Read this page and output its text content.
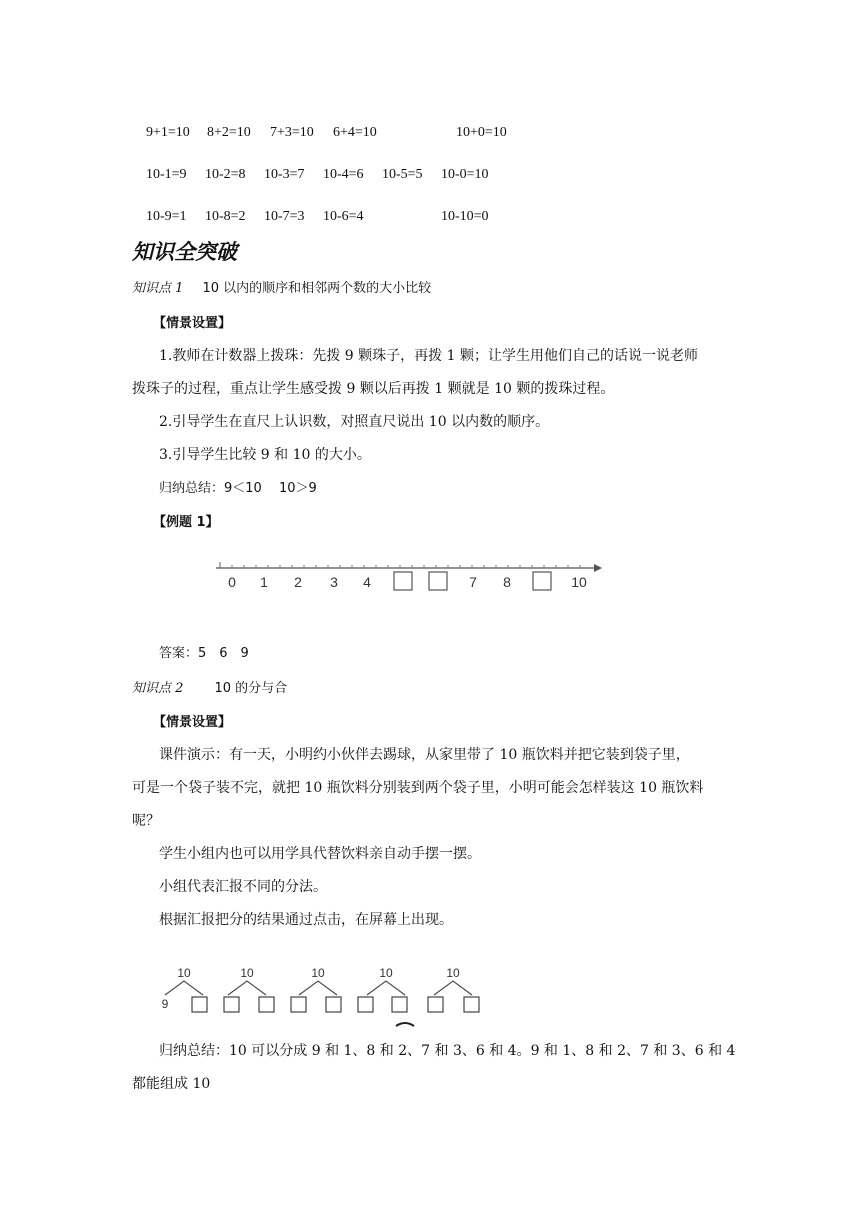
9+1=10 8+2=10 7+3=10 6+4=10	10+0=10
10-1=9 10-2=8 10-3=7 10-4=6 10-5=5 10-0=10
10-9=1 10-8=2 10-7=3 10-6=4	10-10=0
知识全突破
知识点 1 10 以内的顺序和相邻两个数的大小比较
【情景设置】
1.教师在计数器上拨珠：先拨 9 颗珠子，再拨 1 颗；让学生用他们自己的话说一说老师
拨珠子的过程，重点让学生感受拨 9 颗以后再拨 1 颗就是 10 颗的拨珠过程。
2.引导学生在直尺上认识数，对照直尺说出 10 以内数的顺序。
3.引导学生比较 9 和 10 的大小。
归纳总结：9＜10　 10＞9
【例题 1】
0 1 2 3 4	7 8	10
答案：5　6　9
知识点 2 10 的分与合
【情景设置】
课件演示：有一天，小明约小伙伴去踢球，从家里带了 10 瓶饮料并把它装到袋子里，
可是一个袋子装不完，就把 10 瓶饮料分别装到两个袋子里，小明可能会怎样装这 10 瓶饮料
呢？
学生小组内也可以用学具代替饮料亲自动手摆一摆。
小组代表汇报不同的分法。
根据汇报把分的结果通过点击，在屏幕上出现。
10
9
10	10	10	10
归纳总结：10 可以分成 9 和 1、8 和 2、7 和 3、6 和 4。9 和 1、8 和 2、7 和 3、6 和 4
都能组成 10
